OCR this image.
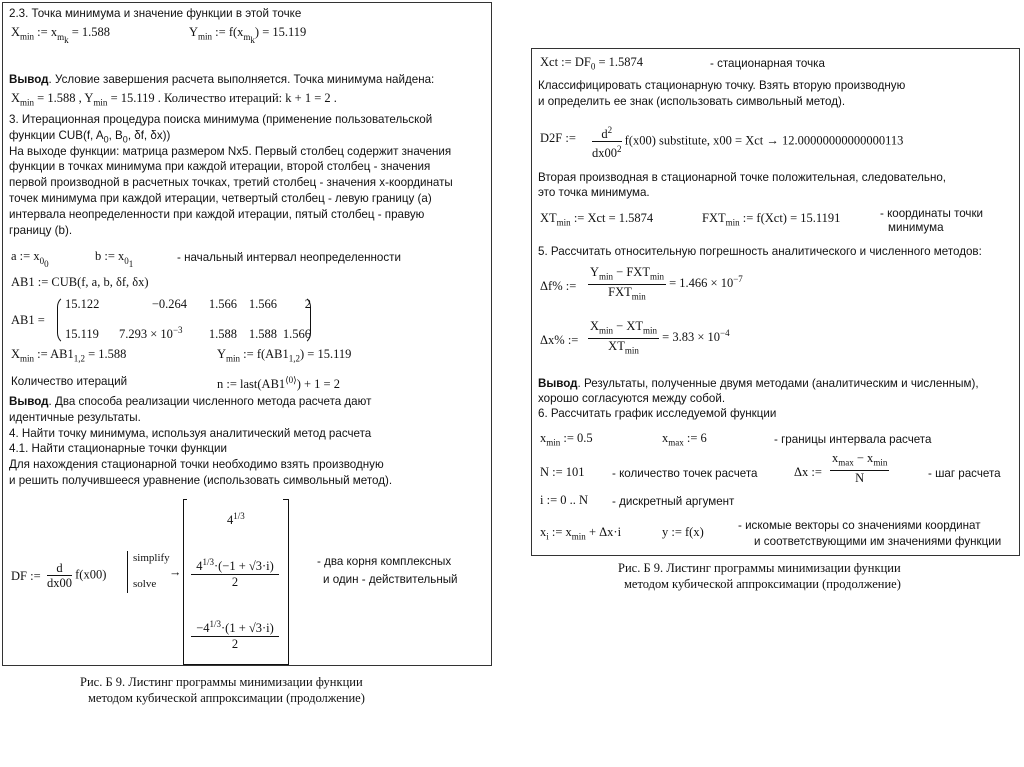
2.3. Точка минимума и значение функции в этой точке
$X_{min}$ := $x_{m_k} = 1.588$	$Y_{min}$ := $f(x_{m_k}) = 15.119$
Вывод. Условие завершения расчета выполняется. Точка минимума найдена:
$X_{min} = 1.588$ , $Y_{min} = 15.119$ . Количество итераций: k + 1 = 2 .
3. Итерационная процедура поиска минимума (применение пользовательской
функции CUB(f, $A_0$, $B_0$, δf, δx))
На выходе функции: матрица размером Nx5. Первый столбец содержит значения
функции в точках минимума при каждой итерации, второй столбец - значения
первой производной в расчетных точках, третий столбец - значения x-координаты
точек минимума при каждой итерации, четвертый столбец - левую границу (a)
интервала неопределенности при каждой итерации, пятый столбец - правую
границу (b).
a := $x_{0_0}$
b := $x_{0_1}$	- начальный интервал неопределенности
AB1 := CUB(f, a, b, δf, δx)
AB1 =
15.122	−0.264 1.566 1.566 2
15.119 $7.293 \times 10^{-3}$ 1.588 1.588 1.566
$X_{min}$ := $AB1_{1,2} = 1.588$	$Y_{min}$ := $f(AB1_{1,2}) = 15.119$
Количество итераций	n := $last(AB1^{⟨0⟩}) + 1 = 2$
Вывод. Два способа реализации численного метода расчета дают
идентичные результаты.
4. Найти точку минимума, используя аналитический метод расчета
4.1. Найти стационарные точки функции
Для нахождения стационарной точки необходимо взять производную
и решить получившееся уравнение (использовать символьный метод).
DF := $\frac{d}{dx00} f(x00)$
simplify
solve
→
$4^{1/3}$
$4^{1/3}\cdot(-1 + √3\cdot i)$
2
$-4^{1/3}\cdot(1 + √3\cdot i)$
2
- два корня комплексных
и один - действительный
Рис. Б 9. Листинг программы минимизации функции
методом кубической аппроксимации (продолжение)
Xct := $DF_0 = 1.5874$	- стационарная точка
Классифицировать стационарную точку. Взять вторую производную
и определить ее знак (использовать символьный метод).
D2F := $\frac{d^2}{dx00^2} f(x00)$ substitute, x00 = Xct → 12.00000000000000113
Вторая производная в стационарной точке положительная, следовательно,
это точка минимума.
$XT_{min}$ := Xct = 1.5874	$FXT_{min}$ := f(Xct) = 15.1191	- координаты точки
минимума
5. Рассчитать относительную погрешность аналитического и численного методов:
Δf% := $\frac{Y_{min} - FXT_{min}}{FXT_{min}} = 1.466 \times 10^{-7}$
Δx% := $\frac{X_{min} - XT_{min}}{XT_{min}} = 3.83 \times 10^{-4}$
Вывод. Результаты, полученные двумя методами (аналитическим и численным),
хорошо согласуются между собой.
6. Рассчитать график исследуемой функции
$x_{min}$ := 0.5	$x_{max}$ := 6	- границы интервала расчета
N := 101 - количество точек расчета	Δx := $\frac{x_{max} - x_{min}}{N}$	- шаг расчета
i := 0 .. N - дискретный аргумент
$x_i$ := $x_{min} + \Delta x\cdot i$	y := f(x)	- искомые векторы со значениями координат
и соответствующими им значениями функции
Рис. Б 9. Листинг программы минимизации функции
методом кубической аппроксимации (продолжение)
